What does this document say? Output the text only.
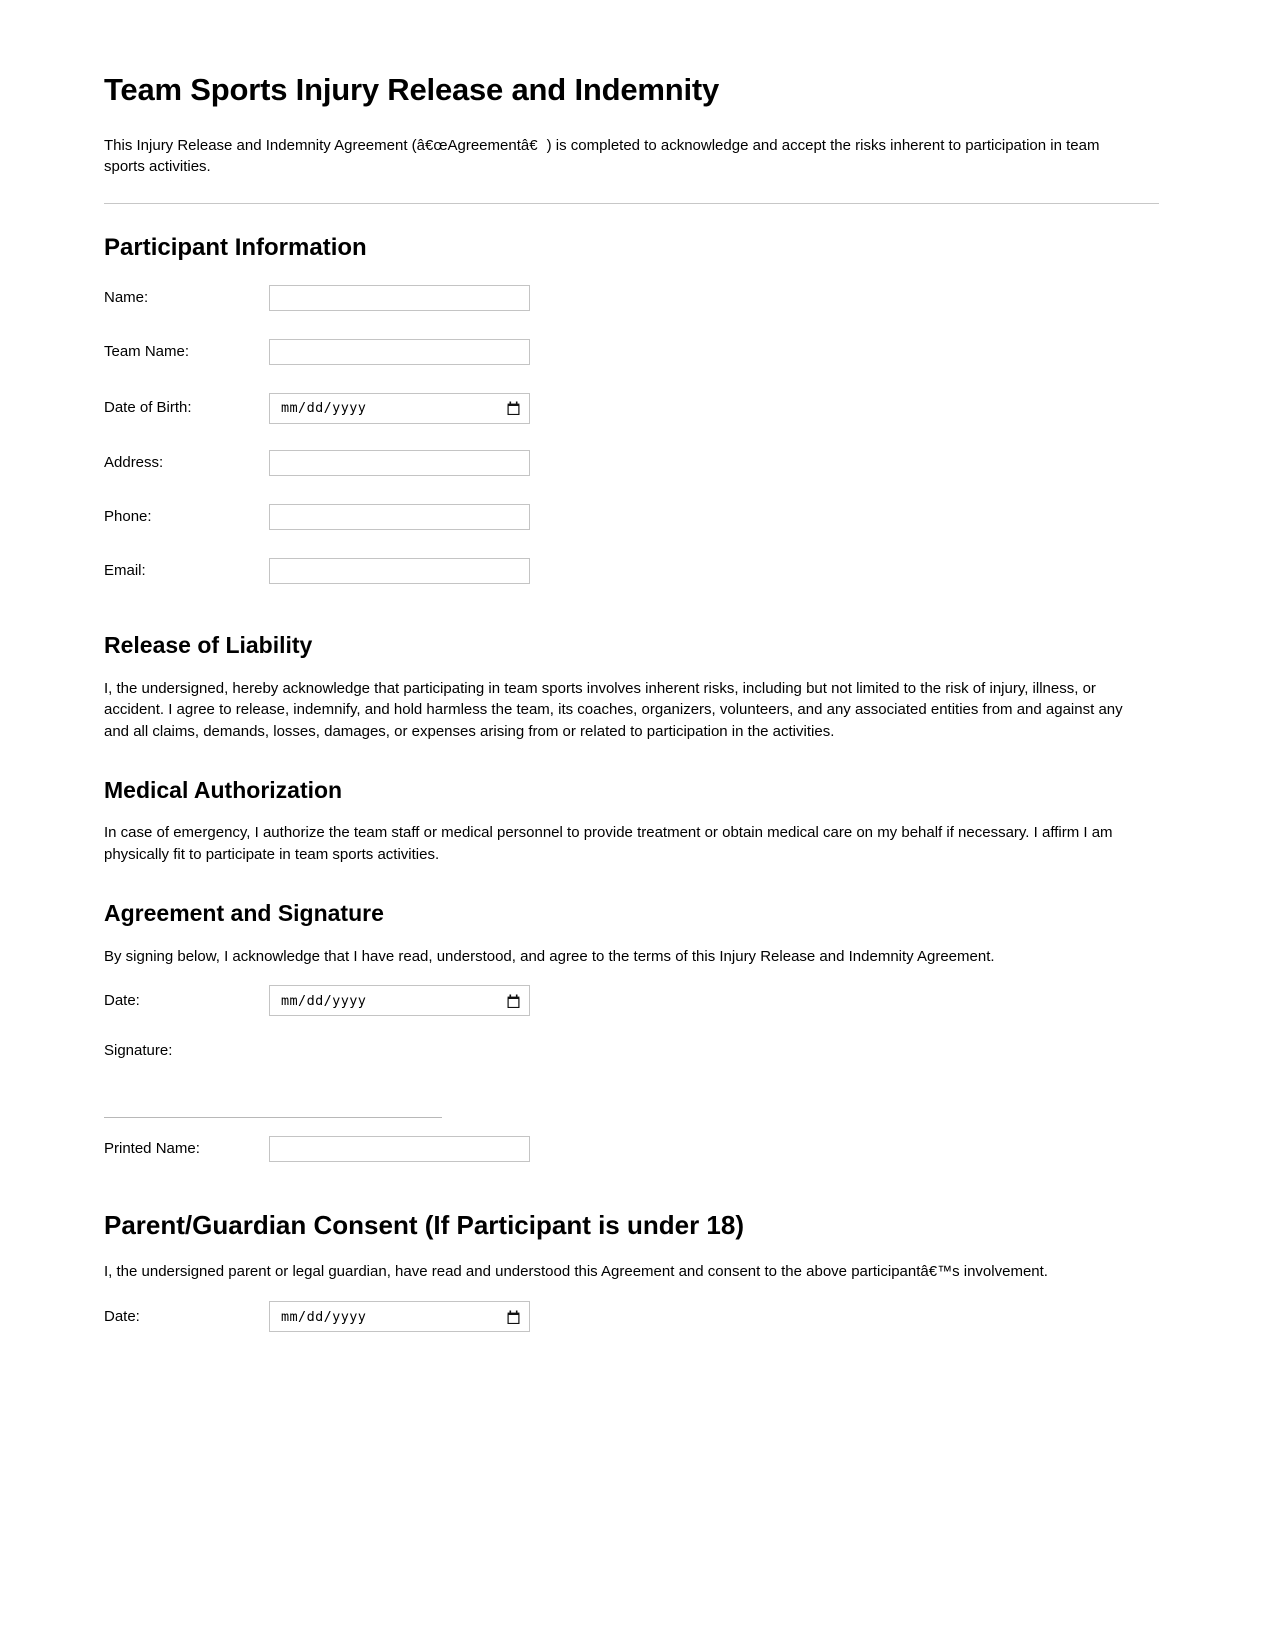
Team Sports Injury Release and Indemnity

This Injury Release and Indemnity Agreement (â€œAgreementâ€) is completed to acknowledge and accept the risks inherent to participation in team sports activities.

Participant Information
Name:
Team Name:
Date of Birth:	mm/dd/yyyy
Address:
Phone:
Email:
Release of Liability

I, the undersigned, hereby acknowledge that participating in team sports involves inherent risks, including but not limited to the risk of injury, illness, or accident. I agree to release, indemnify, and hold harmless the team, its coaches, organizers, volunteers, and any associated entities from and against any and all claims, demands, losses, damages, or expenses arising from or related to participation in the activities.

Medical Authorization

In case of emergency, I authorize the team staff or medical personnel to provide treatment or obtain medical care on my behalf if necessary. I affirm I am physically fit to participate in team sports activities.

Agreement and Signature

By signing below, I acknowledge that I have read, understood, and agree to the terms of this Injury Release and Indemnity Agreement.

Date:	mm/dd/yyyy
Signature:
Printed Name:
Parent/Guardian Consent (If Participant is under 18)

I, the undersigned parent or legal guardian, have read and understood this Agreement and consent to the above participantâ€™s involvement.

Date:	mm/dd/yyyy
